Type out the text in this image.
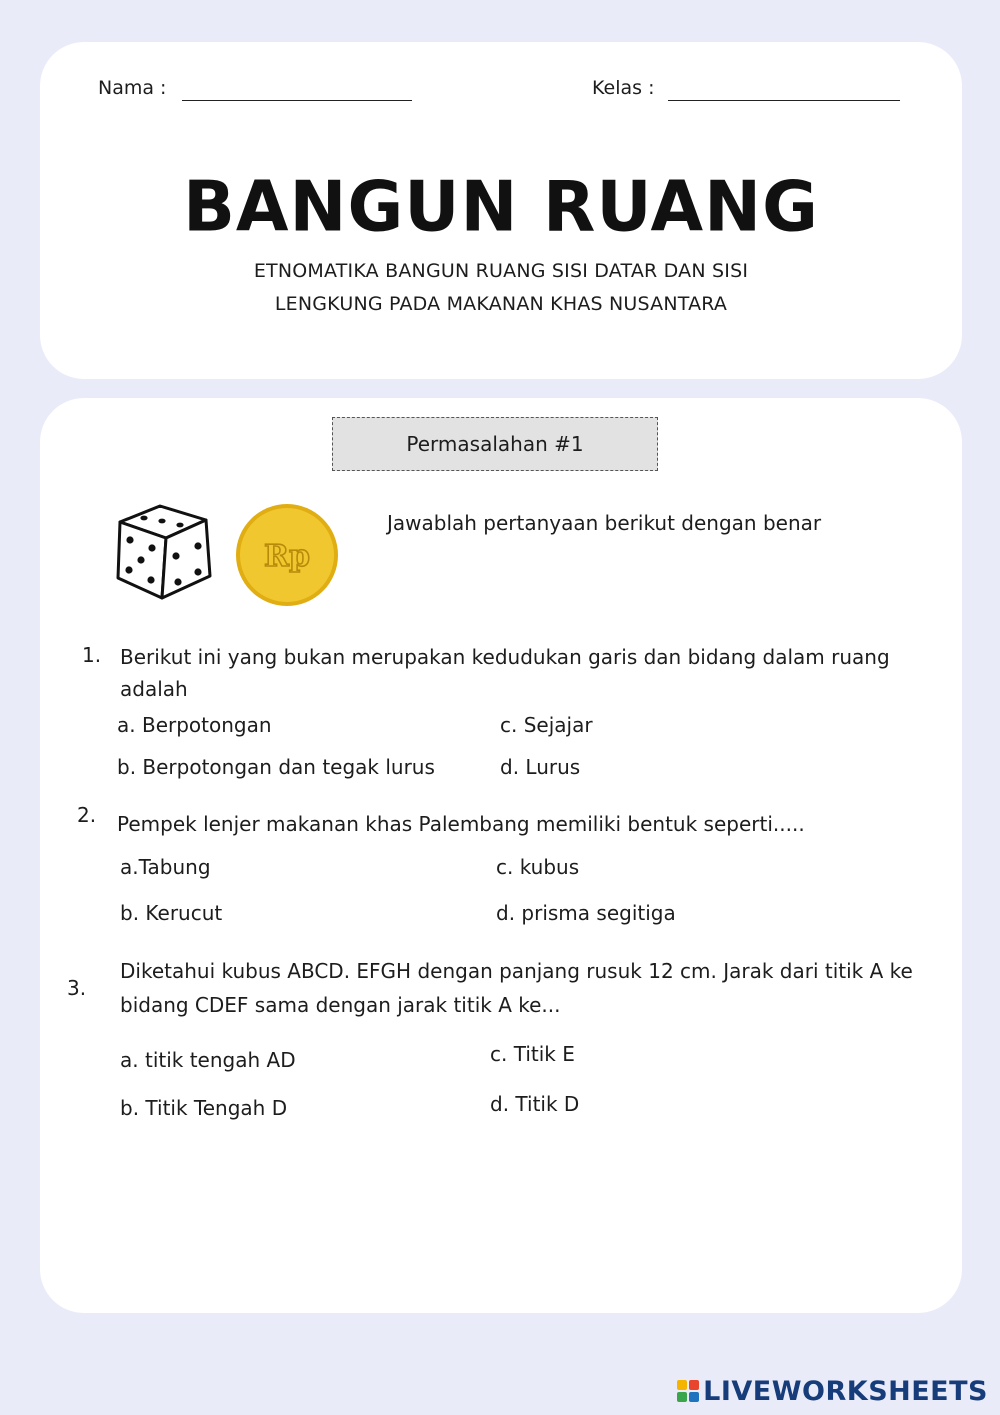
Nama :	Kelas :
BANGUN RUANG
ETNOMATIKA BANGUN RUANG SISI DATAR DAN SISI
LENGKUNG PADA MAKANAN KHAS NUSANTARA
Permasalahan #1
Rp
Jawablah pertanyaan berikut dengan benar
1. Berikut ini yang bukan merupakan kedudukan garis dan bidang dalam ruang
adalah
a. Berpotongan	c. Sejajar
b. Berpotongan dan tegak lurus	d. Lurus
2. Pempek lenjer makanan khas Palembang memiliki bentuk seperti.....
a.Tabung	c. kubus
b. Kerucut	d. prisma segitiga
3.
Diketahui kubus ABCD. EFGH dengan panjang rusuk 12 cm. Jarak dari titik A ke
bidang CDEF sama dengan jarak titik A ke...
a. titik tengah AD	c. Titik E
b. Titik Tengah D	d. Titik D
LIVEWORKSHEETS
